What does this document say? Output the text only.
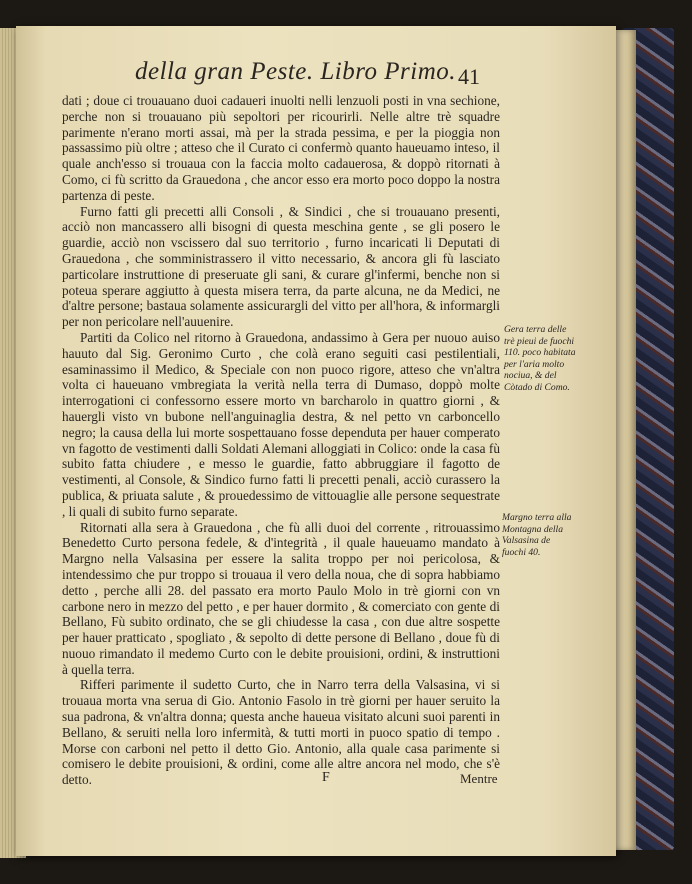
della gran Peste. Libro Primo. 41

dati ; doue ci trouauano duoi cadaueri inuolti nelli lenzuoli posti in vna sechione, perche non si trouauano più sepoltori per ricourirli. Nelle altre trè squadre parimente n'erano morti assai, mà per la strada pessima, e per la pioggia non passassimo più oltre ; atteso che il Curato ci confermò quanto haueuamo inteso, il quale anch'esso si trouaua con la faccia molto cadauerosa, & doppò ritornati à Como, ci fù scritto da Grauedona , che ancor esso era morto poco doppo la nostra partenza di peste.

Furno fatti gli precetti alli Consoli , & Sindici , che si trouauano presenti, acciò non mancassero alli bisogni di questa meschina gente , se gli posero le guardie, acciò non vscissero dal suo territorio , furno incaricati li Deputati di Grauedona , che somministrassero il vitto necessario, & ancora gli fù lasciato particolare instruttione di preseruate gli sani, & curare gl'infermi, benche non si poteua sperare aggiutto à questa misera terra, da parte alcuna, ne da Medici, ne d'altre persone; bastaua solamente assicurargli del vitto per all'hora, & informargli per non pericolare nell'auuenire.

Partiti da Colico nel ritorno à Grauedona, andassimo à Gera per nuouo auiso hauuto dal Sig. Geronimo Curto , che colà erano seguiti casi pestilentiali, esaminassimo il Medico, & Speciale con non puoco rigore, atteso che vn'altra volta ci haueuano vmbregiata la verità nella terra di Dumaso, doppò molte interrogationi ci confessorno essere morto vn barcharolo in quattro giorni , & hauergli visto vn bubone nell'anguinaglia destra, & nel petto vn carboncello negro; la causa della lui morte sospettauano fosse dependuta per hauer comperato vn fagotto de vestimenti dalli Soldati Alemani alloggiati in Colico: onde la casa fù subito fatta chiudere , e messo le guardie, fatto abbruggiare il fagotto de vestimenti, al Console, & Sindico furno fatti li precetti penali, acciò curassero la publica, & priuata salute , & prouedessimo de vittouaglie alle persone sequestrate , li quali di subito furno separate.

Ritornati alla sera à Grauedona , che fù alli duoi del corrente , ritrouassimo Benedetto Curto persona fedele, & d'integrità , il quale haueuamo mandato à Margno nella Valsasina per essere la salita troppo per noi pericolosa, & intendessimo che pur troppo si trouaua il vero della noua, che di sopra habbiamo detto , perche alli 28. del passato era morto Paulo Molo in trè giorni con vn carbone nero in mezzo del petto , e per hauer dormito , & comerciato con gente di Bellano, Fù subito ordinato, che se gli chiudesse la casa , con due altre sospette per hauer pratticato , spogliato , & sepolto di dette persone di Bellano , doue fù di nuouo rimandato il medemo Curto con le debite prouisioni, ordini, & instruttioni à quella terra.

Rifferi parimente il sudetto Curto, che in Narro terra della Valsasina, vi si trouaua morta vna serua di Gio. Antonio Fasolo in trè giorni per hauer seruito la sua padrona, & vn'altra donna; questa anche haueua visitato alcuni suoi parenti in Bellano, & seruiti nella loro infermità, & tutti morti in puoco spatio di tempo . Morse con carboni nel petto il detto Gio. Antonio, alla quale casa parimente si comisero le debite prouisioni, & ordini, come alle altre ancora nel modo, che s'è detto.

Gera terra delle trè pieui de fuochi 110. poco habitata per l'aria molto nociua, & del Còtado di Como.
Margno terra alla Montagna della Valsasina de fuochi 40.
F	Mentre
